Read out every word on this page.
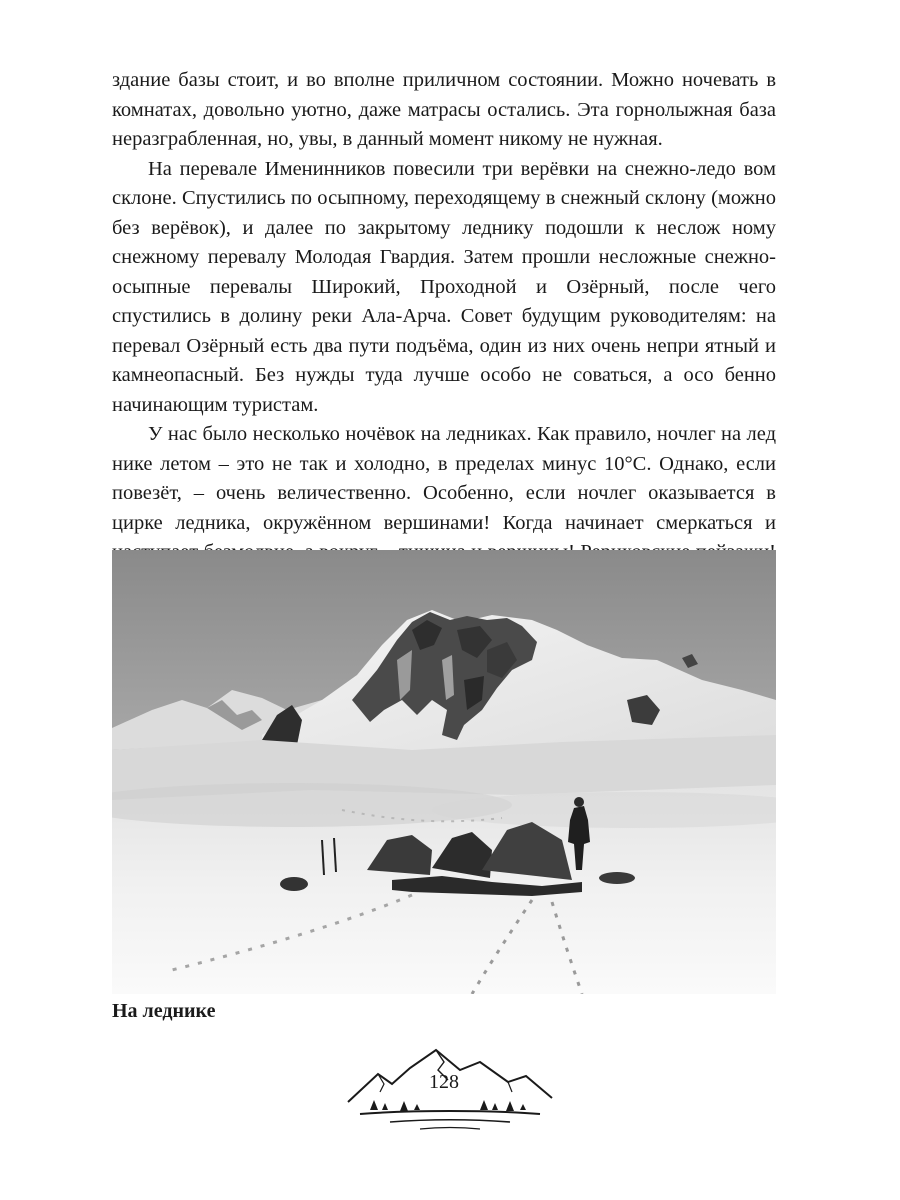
здание базы стоит, и во вполне приличном состоянии. Можно ночевать в комнатах, довольно уютно, даже матрасы остались. Эта горнолыжная база неразграбленная, но, увы, в данный момент никому не нужная.

На перевале Именинников повесили три верёвки на снежно-ледо вом склоне. Спустились по осыпному, переходящему в снежный склону (можно без верёвок), и далее по закрытому леднику подошли к неслож ному снежному перевалу Молодая Гвардия. Затем прошли несложные снежно-осыпные перевалы Широкий, Проходной и Озёрный, после чего спустились в долину реки Ала-Арча. Совет будущим руководителям: на перевал Озёрный есть два пути подъёма, один из них очень непри ятный и камнеопасный. Без нужды туда лучше особо не соваться, а осо бенно начинающим туристам.

У нас было несколько ночёвок на ледниках. Как правило, ночлег на лед нике летом – это не так и холодно, в пределах минус 10°С. Однако, если повезёт, – очень величественно. Особенно, если ночлег оказывается в цирке ледника, окружённом вершинами! Когда начинает смеркаться и

На леднике
128
